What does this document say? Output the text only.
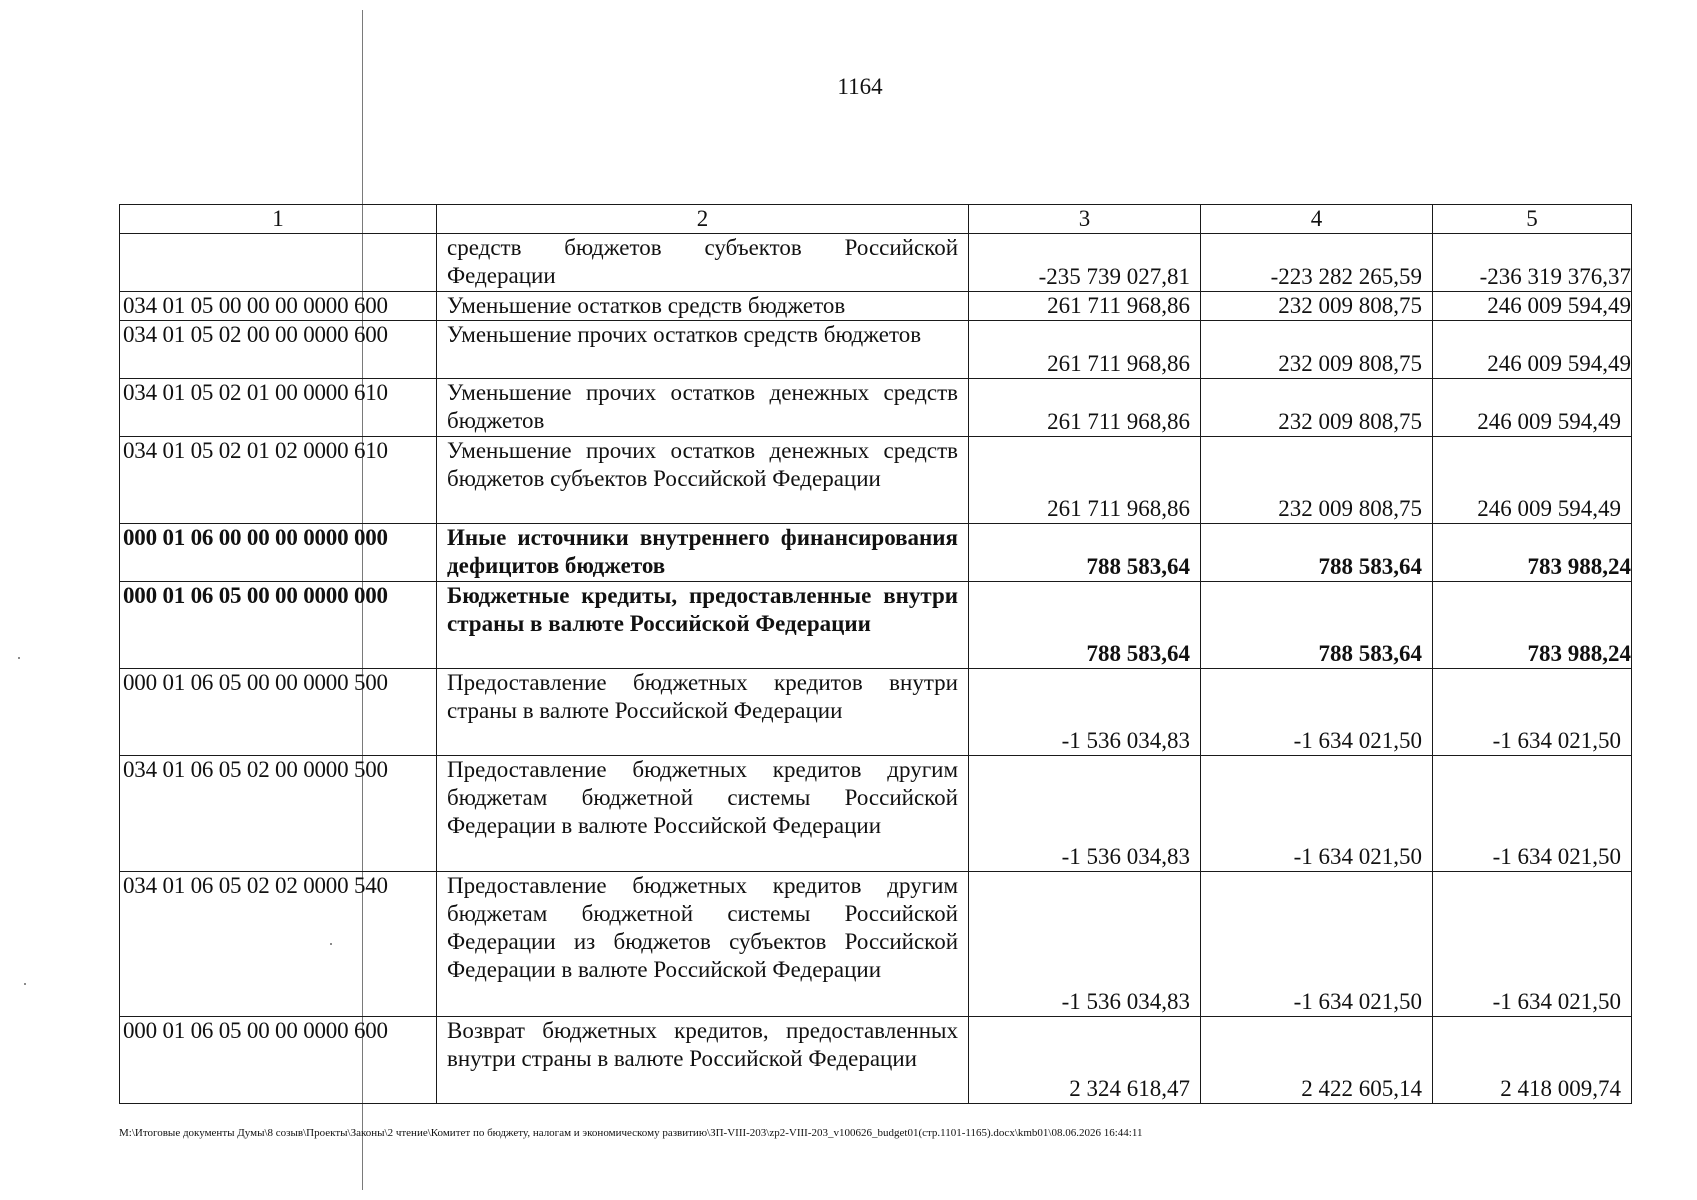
1164
1	2	3	4	5
	средств бюджетов субъектов Российской Федерации	-235 739 027,81	-223 282 265,59	-236 319 376,37
034 01 05 00 00 00 0000 600	Уменьшение остатков средств бюджетов	261 711 968,86	232 009 808,75	246 009 594,49
034 01 05 02 00 00 0000 600	Уменьшение прочих остатков средств бюджетов	261 711 968,86	232 009 808,75	246 009 594,49
034 01 05 02 01 00 0000 610	Уменьшение прочих остатков денежных средств бюджетов	261 711 968,86	232 009 808,75	246 009 594,49
034 01 05 02 01 02 0000 610	Уменьшение прочих остатков денежных средств бюджетов субъектов Российской Федерации	261 711 968,86	232 009 808,75	246 009 594,49
000 01 06 00 00 00 0000 000	Иные источники внутреннего финансирования дефицитов бюджетов	788 583,64	788 583,64	783 988,24
000 01 06 05 00 00 0000 000	Бюджетные кредиты, предоставленные внутри страны в валюте Российской Федерации	788 583,64	788 583,64	783 988,24
000 01 06 05 00 00 0000 500	Предоставление бюджетных кредитов внутри страны в валюте Российской Федерации	-1 536 034,83	-1 634 021,50	-1 634 021,50
034 01 06 05 02 00 0000 500	Предоставление бюджетных кредитов другим бюджетам бюджетной системы Российской Федерации в валюте Российской Федерации	-1 536 034,83	-1 634 021,50	-1 634 021,50
034 01 06 05 02 02 0000 540	Предоставление бюджетных кредитов другим бюджетам бюджетной системы Российской Федерации из бюджетов субъектов Российской Федерации в валюте Российской Федерации	-1 536 034,83	-1 634 021,50	-1 634 021,50
000 01 06 05 00 00 0000 600	Возврат бюджетных кредитов, предоставленных внутри страны в валюте Российской Федерации	2 324 618,47	2 422 605,14	2 418 009,74
M:\Итоговые документы Думы\8 созыв\Проекты\Законы\2 чтение\Комитет по бюджету, налогам и экономическому развитию\ЗП-VIII-203\zp2-VIII-203_v100626_budget01(стр.1101-1165).docx\kmb01\08.06.2026 16:44:11
